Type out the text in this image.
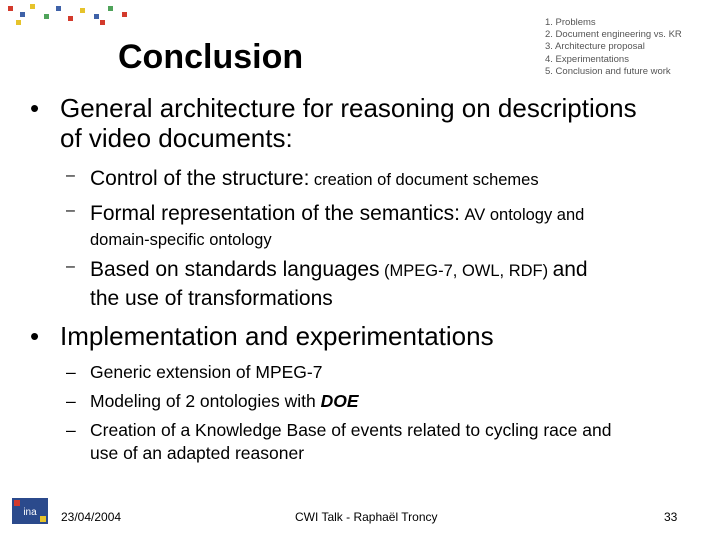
Conclusion
1. Problems
2. Document engineering vs. KR
3. Architecture proposal
4. Experimentations
5. Conclusion and future work
• General architecture for reasoning on descriptions
of video documents:
– Control of the structure: creation of document schemes
– Formal representation of the semantics: AV ontology and
domain-specific ontology
– Based on standards languages (MPEG-7, OWL, RDF) and
the use of transformations
• Implementation and experimentations
– Generic extension of MPEG-7
– Modeling of 2 ontologies with DOE
– Creation of a Knowledge Base of events related to cycling race and
use of an adapted reasoner
ina 23/04/2004	CWI Talk - Raphaël Troncy	33
